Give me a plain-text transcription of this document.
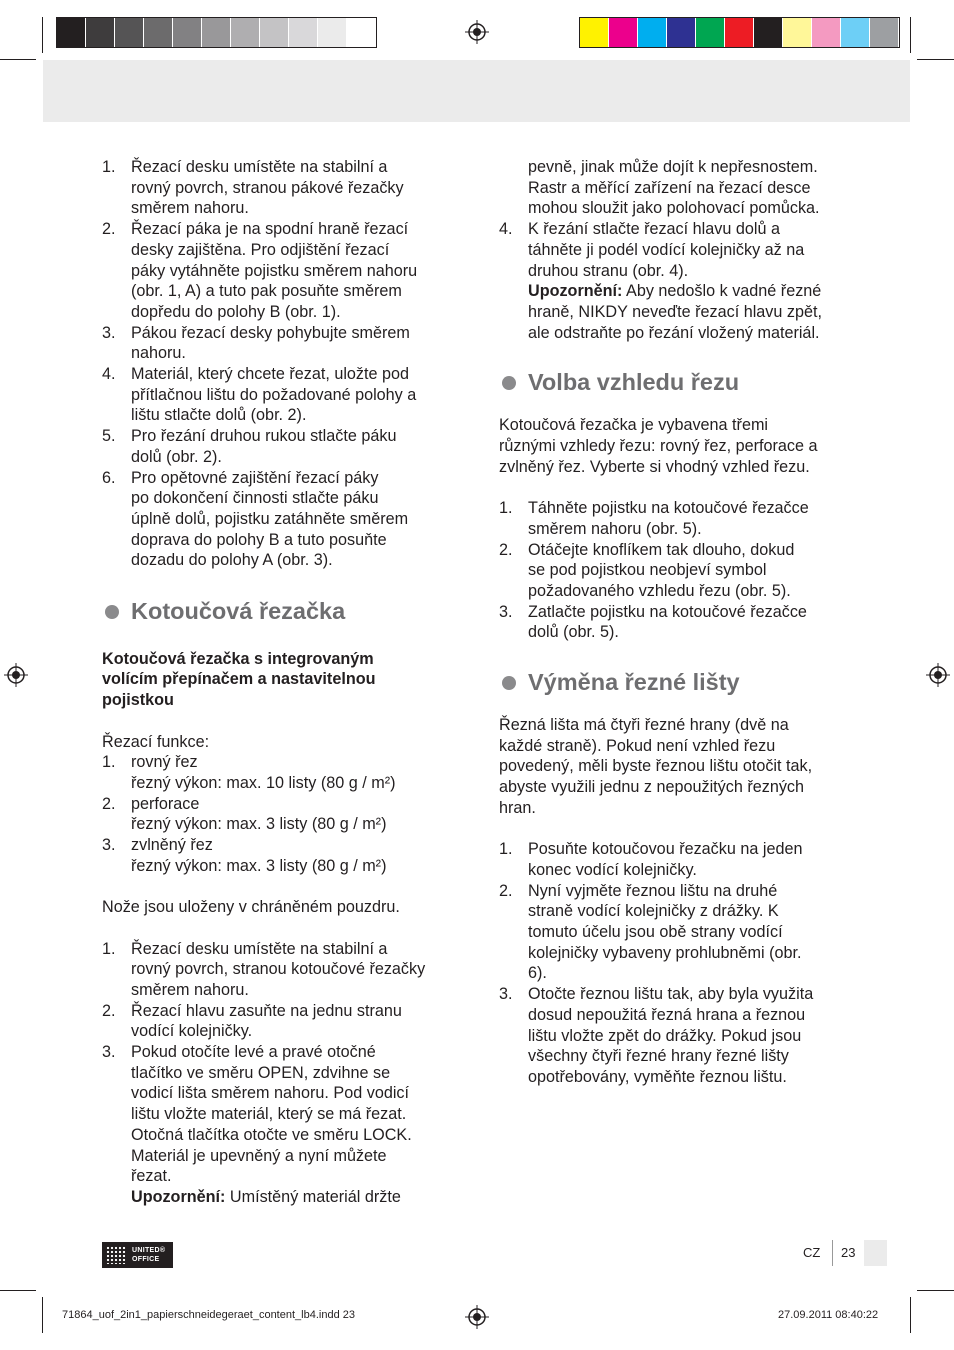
1. Řezací desku umístěte na stabilní a
rovný povrch, stranou pákové řezačky
směrem nahoru.
2. Řezací páka je na spodní hraně řezací
desky zajištěna. Pro odjištění řezací
páky vytáhněte pojistku směrem nahoru
(obr. 1, A) a tuto pak posuňte směrem
dopředu do polohy B (obr. 1).
3. Pákou řezací desky pohybujte směrem
nahoru.
4. Materiál, který chcete řezat, uložte pod
přítlačnou lištu do požadované polohy a
lištu stlačte dolů (obr. 2).
5. Pro řezání druhou rukou stlačte páku
dolů (obr. 2).
6. Pro opětovné zajištění řezací páky
po dokončení činnosti stlačte páku
úplně dolů, pojistku zatáhněte směrem
doprava do polohy B a tuto posuňte
dozadu do polohy A (obr. 3).
Kotoučová řezačka
Kotoučová řezačka s integrovaným
volícím přepínačem a nastavitelnou
pojistkou

Řezací funkce:

1. rovný řez
řezný výkon: max. 10 listy (80 g / m²)
2. perforace
řezný výkon: max. 3 listy (80 g / m²)
3. zvlněný řez
řezný výkon: max. 3 listy (80 g / m²)

Nože jsou uloženy v chráněném pouzdru.

1. Řezací desku umístěte na stabilní a
rovný povrch, stranou kotoučové řezačky
směrem nahoru.
2. Řezací hlavu zasuňte na jednu stranu
vodící kolejničky.
3. Pokud otočíte levé a pravé otočné
tlačítko ve směru OPEN, zdvihne se
vodicí lišta směrem nahoru. Pod vodicí
lištu vložte materiál, který se má řezat.
Otočná tlačítka otočte ve směru LOCK.
Materiál je upevněný a nyní můžete
řezat.
Upozornění: Umístěný materiál držte
pevně, jinak může dojít k nepřesnostem.
Rastr a měřící zařízení na řezací desce
mohou sloužit jako polohovací pomůcka.
4. K řezání stlačte řezací hlavu dolů a
táhněte ji podél vodící kolejničky až na
druhou stranu (obr. 4).
Upozornění: Aby nedošlo k vadné řezné
hraně, NIKDY neveďte řezací hlavu zpět,
ale odstraňte po řezání vložený materiál.
Volba vzhledu řezu
Kotoučová řezačka je vybavena třemi
různými vzhledy řezu: rovný řez, perforace a
zvlněný řez. Vyberte si vhodný vzhled řezu.
1. Táhněte pojistku na kotoučové řezačce
směrem nahoru (obr. 5).
2. Otáčejte knoflíkem tak dlouho, dokud
se pod pojistkou neobjeví symbol
požadovaného vzhledu řezu (obr. 5).
3. Zatlačte pojistku na kotoučové řezačce
dolů (obr. 5).
Výměna řezné lišty
Řezná lišta má čtyři řezné hrany (dvě na
každé straně). Pokud není vzhled řezu
povedený, měli byste řeznou lištu otočit tak,
abyste využili jednu z nepoužitých řezných
hran.
1. Posuňte kotoučovou řezačku na jeden
konec vodící kolejničky.
2. Nyní vyjměte řeznou lištu na druhé
straně vodící kolejničky z drážky. K
tomuto účelu jsou obě strany vodící
kolejničky vybaveny prohlubněmi (obr.
6).
3. Otočte řeznou lištu tak, aby byla využita
dosud nepoužitá řezná hrana a řeznou
lištu vložte zpět do drážky. Pokud jsou
všechny čtyři řezné hrany řezné lišty
opotřebovány, vyměňte řeznou lištu.
UNITED®
OFFICE	CZ 23
71864_uof_2in1_papierschneidegeraet_content_lb4.indd 23	27.09.2011 08:40:22
